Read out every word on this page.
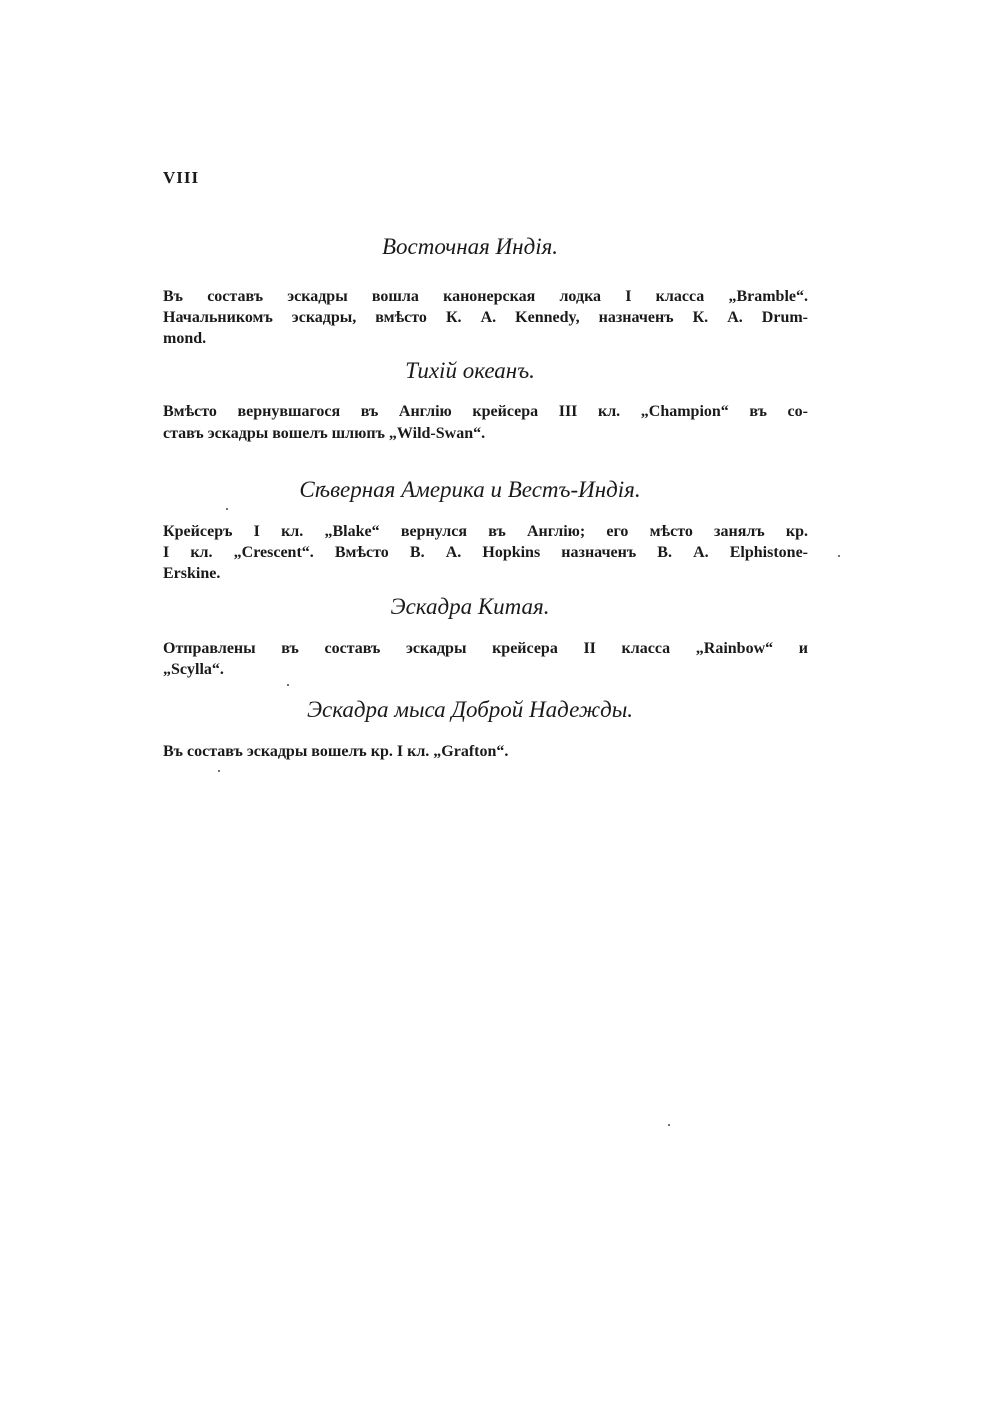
VIII
Восточная Индія.
Въ составъ эскадры вошла канонерская лодка I класса „Bramble“.
Начальникомъ эскадры, вмѣсто К. А. Kennedy, назначенъ К. А. Drum-
mond.
Тихій океанъ.
Вмѣсто вернувшагося въ Англію крейсера III кл. „Champion“ въ со-
ставъ эскадры вошелъ шлюпъ „Wild-Swan“.
Сѣверная Америка и Вестъ-Индія.
Крейсеръ I кл. „Blake“ вернулся въ Англію; его мѣсто занялъ кр.
I кл. „Crescent“. Вмѣсто В. А. Hopkins назначенъ В. А. Elphistone-
Erskine.
Эскадра Китая.
Отправлены въ составъ эскадры крейсера II класса „Rainbow“ и
„Scylla“.
Эскадра мыса Доброй Надежды.
Въ составъ эскадры вошелъ кр. I кл. „Grafton“.
